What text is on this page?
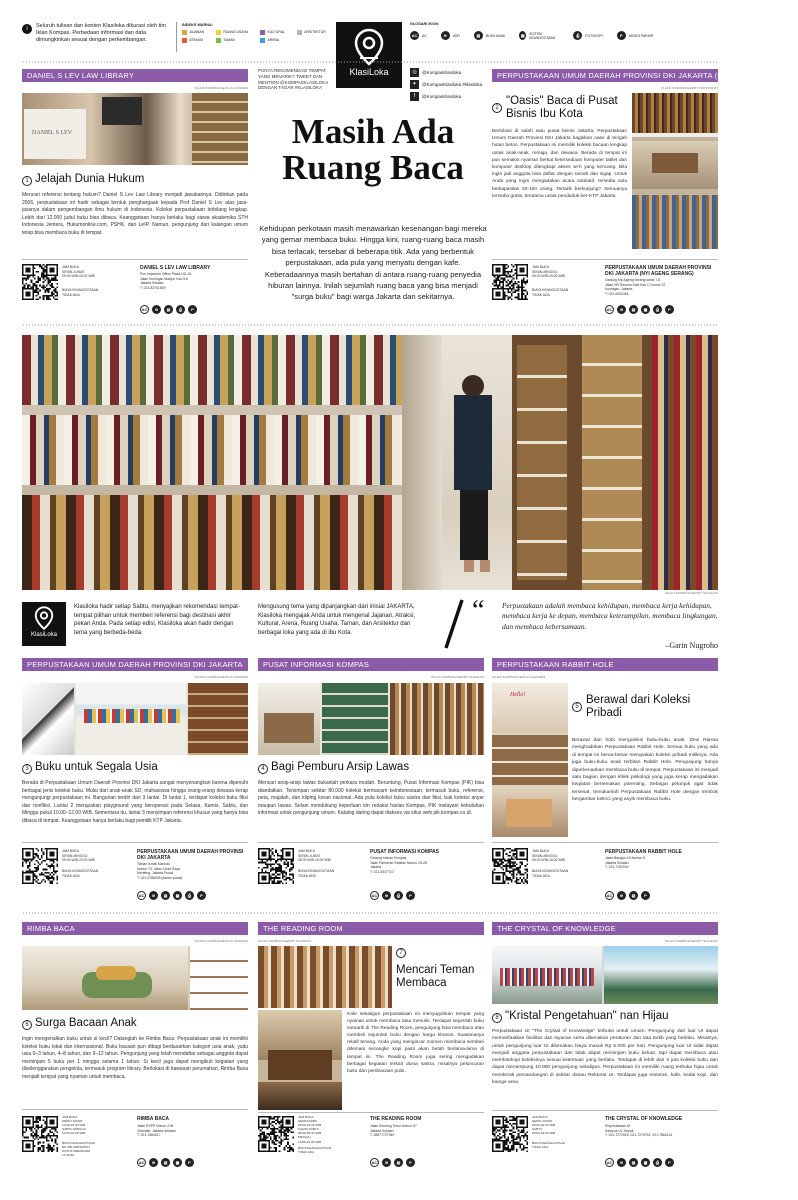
i	Seluruh tulisan dan konten Klasiloka dikurasi oleh tim Iklan Kompas. Perbedaan informasi dan data dimungkinkan sesuai dengan perkembangan.
INDEKS WARNA:
JAJANAN	RUANG USAHA	KULTURAL	ARSITEKTUR
ATRAKSI	TAMAN	ARENA
KlasiLoka
GLOSARI IKON:
AC	AC	≋	WIFI	▤	BUKU ANAK	▦	SISTEM KEANGGOTAAN	⎙	FOTOKOPI	P	AKSES PARKIR
DANIEL S LEV LAW LIBRARY
IKLAN KOMPAS/CECILIA GANDES
DANIEL S LEV
1 Jelajah Dunia Hukum
Mencari referensi tentang hukum? Daniel S Lev Law Library menjadi jawabannya. Didirikan pada 2006, perpustakaan ini hadir sebagai bentuk penghargaan kepada Prof Daniel S Lev atas jasa-jasanya dalam pengembangan ilmu hukum di Indonesia. Koleksi perpustakaan terbilang lengkap. Lebih dari 12.000 judul buku bisa dibaca. Keanggotaan hanya berlaku bagi siswa akademika STH Indonesia Jentera, Hukumonline.com, PSHK, dan LeIP. Namun, pengunjung dari kalangan umum tetap bisa membaca buku di tempat.
JAM BUKA
SENIN-JUMAT
09.00 WIB-16.00 WIB
BIAYA KEANGGOTAAN
TIDAK ADA
DANIEL S LEV LAW LIBRARY
Puri Imperium Office Plaza UG-16
Jalan Kuningan Madya, Kav 5-6
Jakarta Selatan
T: 021-83701659
AC	≋	▤	⎙	P
PUNYA REKOMENDASI TEMPAT YANG MENARIK? TWEET DAN MENTION @KOMPASKLASILOKA DENGAN TAGAR #KLASILOKA
◎	@KompasKlasiloka
✦	@KompasKlasiloka #klasiloka
f	@KompasKlasiloka
Masih Ada
Ruang Baca
Kehidupan perkotaan masih menawarkan kesenangan bagi mereka yang gemar membaca buku. Hingga kini, ruang-ruang baca masih bisa terlacak, tersebar di beberapa titik. Ada yang berbentuk perpustakaan, ada pula yang menyatu dengan kafe. Keberadaannya masih bertahan di antara ruang-ruang penyedia hiburan lainnya. Inilah sejumlah ruang baca yang bisa menjadi "surga buku" bagi warga Jakarta dan sekitarnya.
PERPUSTAKAAN UMUM DAERAH PROVINSI DKI JAKARTA (NYI AGENG SERANG)
IKLAN KOMPAS/GERDT KRISTIANTI
2
"Oasis" Baca di Pusat Bisnis Ibu Kota
Berlokasi di salah satu pusat bisnis Jakarta, Perpustakaan Umum Daerah Provinsi DKI Jakarta bagaikan oase di tengah hutan beton. Perpustakaan ini memiliki koleksi bacaan lengkap untuk anak-anak, remaja, dan dewasa. Berada di tempat ini pun semakin nyaman berkat ketersediaan komputer tablet dan komputer desktop dilengkapi akses wi-fi yang kencang. Bila ingin jadi anggota bisa daftar dengan ramah dan sigap. Untuk Anda yang ingin mengadakan acara edukatif, tersedia aula berkapasitas 50-150 orang. Tertarik berkunjung? Semuanya tersedia gratis, terutama untuk penduduk ber-KTP Jakarta.
JAM BUKA
SENIN-MINGGU
09.00 WIB-19.00 WIB
BIAYA KEANGGOTAAN
TIDAK ADA
PERPUSTAKAAN UMUM DAERAH PROVINSI DKI JAKARTA (NYI AGENG SERANG)
Gedung Nyi Ageng Serang lantai 7-8
Jalan HR Rasuna Said Kav C Nomor 22
Kuningan, Jakarta
T: 021-5262464
AC	≋	▤	▦	⎙	P
IKLAN KOMPAS/GERDT SUAGIAN
KlasiLoka
Klasiloka hadir setiap Sabtu, menyajikan rekomendasi tempat-tempat pilihan untuk memberi referensi bagi destinasi akhir pekan Anda. Pada setiap edisi, Klasiloka akan hadir dengan tema yang berbeda-beda.
Mengusung tema yang dipanjangkan dari inisial JAKARTA, Klasiloka mengajak Anda untuk mengenal Jajanan, Atraksi, Kultural, Arena, Ruang Usaha, Taman, dan Arsitektur dari berbagai loka yang ada di ibu Kota.
“ Perpustakaan adalah membaca kehidupan, membaca kerja kehidupan, membaca kerja ke depan, membaca keterampilan, membaca lingkungan, dan membaca kebersamaan.
–Garin Nugroho
PERPUSTAKAAN UMUM DAERAH PROVINSI DKI JAKARTA
IKLAN KOMPAS/CECILIA GANDES
3 Buku untuk Segala Usia
Berada di Perpustakaan Umum Daerah Provinsi DKI Jakarta sangat menyenangkan karena dipenuhi berbagai jenis koleksi buku. Mulai dari anak-anak SD, mahasiswa hingga orang-orang dewasa kerap mengunjungi perpustakaan ini. Bangunan terdiri dari 3 lantai. Di lantai 1, terdapat koleksi buku fiksi dan nonfiksi. Lantai 2 merupakan playground yang beroperasi pada Selasa, Kamis, Sabtu, dan Minggu pukul 10.00–12.00 WIB. Sementara itu, lantai 3 menyimpan referensi khusus yang hanya bisa dibaca di tempat. Keanggotaan hanya berlaku bagi pemilik KTP Jakarta.
JAM BUKA
SENIN-MINGGU
09.00 WIB-19.00 WIB
BIAYA KEANGGOTAAN
TIDAK ADA
PERPUSTAKAAN UMUM DAERAH PROVINSI DKI JAKARTA
Taman Ismail Marzuki
Nomor 73, Jalan Cikini Raya
Menteng, Jakarta Pusat
T: 021-4786009 (kantor pusat)
AC	≋	▤	▦	⎙	P
PUSAT INFORMASI KOMPAS
IKLAN KOMPAS/GERDT SUAGIAN
4 Bagi Pemburu Arsip Lawas
Mencari arsip-arsip lawas bukanlah perkara mudah. Beruntung, Pusat Informasi Kompas (PIK) bisa diandalkan. Tersimpan sekitar 80.000 koleksi bermacam keindonesiaan, termasuk buku, referensi, peta, majalah, dan kliping koran nasional. Ada pula koleksi buku sastra dan fiksi, bak koleksi anyar maupun lawas. Selain mendukung keperluan tim redaksi harian Kompas, PIK melayani kebutuhan informasi untuk pengunjung umum. Katalog daring dapat diakses via situs web pik.kompas.co.id.
JAM BUKA
SENIN-JUMAT
08.00 WIB-16.00 WIB
BIAYA KEANGGOTAAN
TIDAK ADA
PUSAT INFORMASI KOMPAS
Gedung Harian Kompas
Jalan Palmerah Selatan Nomor 26-28
Jakarta
T: 021-5347710
AC	≋	⎙	P
PERPUSTAKAAN RABBIT HOLE
IKLAN KOMPAS/CECILIA GANDES
Hello!
5
Berawal dari Koleksi Pribadi
Berawal dari hobi mengoleksi buku-buku anak, Devi Raissa menghadirkan Perpustakaan Rabbit Hole. Semua buku yang ada di tempat ini benar-benar merupakan koleksi pribadi miliknya. Ada juga buku-buku anak terbitan Rabbit Hole. Pengunjung hanya diperkenankan membaca buku di tempat. Perpustakaan ini menjadi satu bagian dengan klinik psikologi yang juga kerap mengadakan kegiatan bertemakan parenting. Sebagai petunjuk agar tidak tersesat, temukanlah Perpustakaan Rabbit Hole dengan tembok bergambar kelinci yang asyik membaca buku.
JAM BUKA
SENIN-MINGGU
09.00 WIB-16.00 WIB
BIAYA KEANGGOTAAN
TIDAK ADA
PERPUSTAKAAN RABBIT HOLE
Jalan Bangka XII Nomor 5
Jakarta Selatan
T: 021-7192016
AC	≋	▤	P
RIMBA BACA
IKLAN KOMPAS/CECILIA GANDES
6 Surga Bacaan Anak
Ingin mengenalkan buku untuk si kecil? Datanglah ke Rimba Baca. Perpustakaan anak ini memiliki koleksi buku lokal dan internasional. Buku bacaan pun dibagi berdasarkan kategori usia anak, yaitu usia 0–3 tahun, 4–8 tahun, dan 9–12 tahun. Pengunjung yang telah mendaftar sebagai anggota dapat meminjam 5 buku per 1 minggu selama 1 tahun. Si kecil juga dapat mengikuti kegiatan yang diselenggarakan pengelola, termasuk program library. Berlokasi di kawasan perumahan, Rimba Baca menjadi tempat yang nyaman untuk membaca.
JAM BUKA
SENIN-JUMAT
10.00-18.00 WIB
SABTU-MINGGU
10.00-16.00 WIB
BIAYA KEANGGOTAAN
RP 250.000/TAHUN
UNTUK MEMINJAM
12 ANAK
RIMBA BACA
Jalan RSPP Nomor 21B
Cilandak, Jakarta Selatan
T: 021-7664517
AC	≋	▤	▦	P
THE READING ROOM
IKLAN KOMPAS/GERDT SUAGIAN
7
Mencari Teman Membaca
Kafe sekaligus perpustakaan ini menyuguhkan tempat yang nyaman untuk membaca atau menulis. Terdapat sejumlah buku menarik di The Reading Room, pengunjung bisa membaca atau membeli sejumlah buku dengan harga khusus. Suasananya relatif tenang. Anda yang mengincar momen membaca sembari ditemani secangkir kopi pasti akan betah berlama-lama di tempat ini. The Reading Room juga sering mengadakan berbagai kegiatan terkait dunia sastra, misalnya peluncuran buku dan pembacaan puisi.
JAM BUKA
SENIN-RABU
08.00-22.00 WIB
KAMIS-SABTU
08.00-00.00 WIB
MINGGU
10.00-22.00 WIB
BIAYA KEANGGOTAAN
TIDAK ADA
THE READING ROOM
Jalan Kemang Timur Nomor 57
Jakarta Selatan
T: 08577727949
AC	≋	▤	P
THE CRYSTAL OF KNOWLEDGE
IKLAN KOMPAS/GERDT SUAGIAN
8 "Kristal Pengetahuan" nan Hijau
Perpustakaan UI "The Crystal of Knowledge" terbuka untuk umum. Pengunjung dari luar UI dapat memanfaatkan fasilitas dan layanan serta dikenakan peraturan dan tata tertib yang berlaku. Misalnya, untuk pengunjung luar UI dikenakan biaya masuk Rp 5.000 per hari. Pengunjung luar UI tidak dapat menjadi anggota perpustakaan dan tidak dapat meminjam buku keluar, tapi dapat membaca atau memfotokopi koleksinya sesuai ketentuan yang berlaku. Terdapat di lebih dari 4 juta koleksi buku dan dapat menampung 10.000 pengunjung sekaligus. Perpustakaan ini memiliki ruang terbuka hijau untuk menikmati pemandangan di sekitar danau Rektorat UI. Terdapat juga restoran, kafe, kedai kopi, dan lounge area.
JAM BUKA
SENIN-JUMAT
08.00-20.00 WIB
SABTU
08.00-16.00 WIB
BIAYA KEANGGOTAAN
TIDAK ADA
THE CRYSTAL OF KNOWLEDGE
Perpustakaan UI
Kampus UI, Depok
T: 021-7271916, 021-7270751, 021-7864124
AC	≋	▤	▦	⎙	P
